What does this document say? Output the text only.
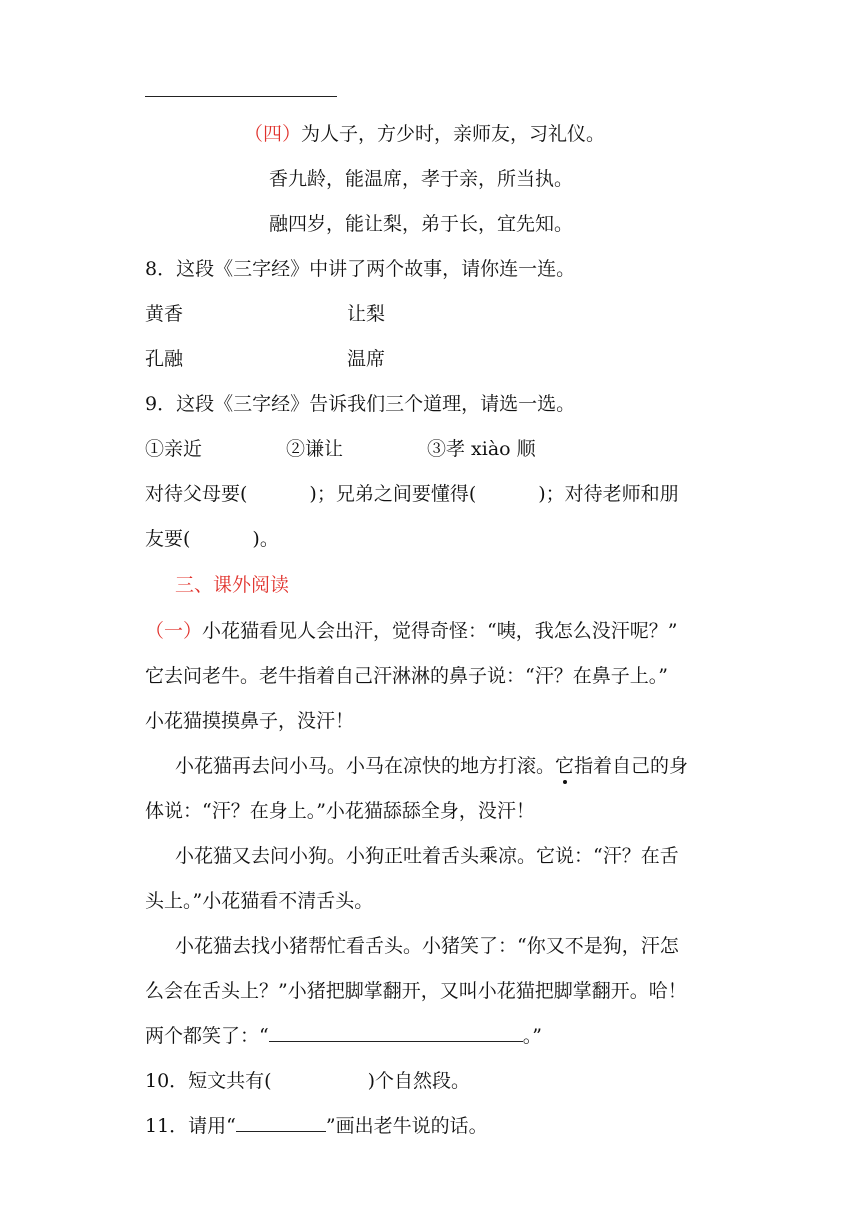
（四）为人子，方少时，亲师友，习礼仪。
香九龄，能温席，孝于亲，所当执。
融四岁，能让梨，弟于长，宜先知。
8．这段《三字经》中讲了两个故事，请你连一连。
黄香	让梨
孔融	温席
9．这段《三字经》告诉我们三个道理，请选一选。
①亲近	②谦让	③孝 xiào 顺
对待父母要(	)；兄弟之间要懂得(	)；对待老师和朋
友要(	)。
三、课外阅读
（一）小花猫看见人会出汗，觉得奇怪：“咦，我怎么没汗呢？”
它去问老牛。老牛指着自己汗淋淋的鼻子说：“汗？在鼻子上。”
小花猫摸摸鼻子，没汗！
小花猫再去问小马。小马在凉快的地方打滚。它指着自己的身
体说：“汗？在身上。”小花猫舔舔全身，没汗！
小花猫又去问小狗。小狗正吐着舌头乘凉。它说：“汗？在舌
头上。”小花猫看不清舌头。
小花猫去找小猪帮忙看舌头。小猪笑了：“你又不是狗，汗怎
么会在舌头上？”小猪把脚掌翻开，又叫小花猫把脚掌翻开。哈！
两个都笑了：“	。”
10．短文共有(	)个自然段。
11．请用“	”画出老牛说的话。
